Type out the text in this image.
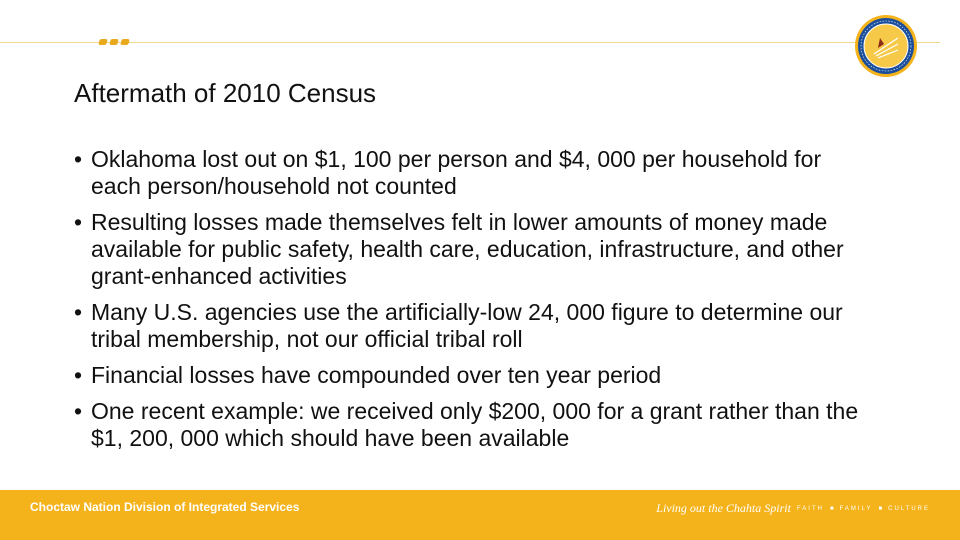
Aftermath of 2010 Census
• Oklahoma lost out on $1, 100 per person and $4, 000 per household for each person/household not counted
• Resulting losses made themselves felt in lower amounts of money made available for public safety, health care, education, infrastructure, and other grant-enhanced activities
• Many U.S. agencies use the artificially-low 24, 000 figure to determine our tribal membership, not our official tribal roll
• Financial losses have compounded over ten year period
• One recent example: we received only $200, 000 for a grant rather than the $1, 200, 000 which should have been available
Choctaw Nation Division of Integrated Services	Living out the Chahta Spirit FAITH ■ FAMILY ■ CULTURE
